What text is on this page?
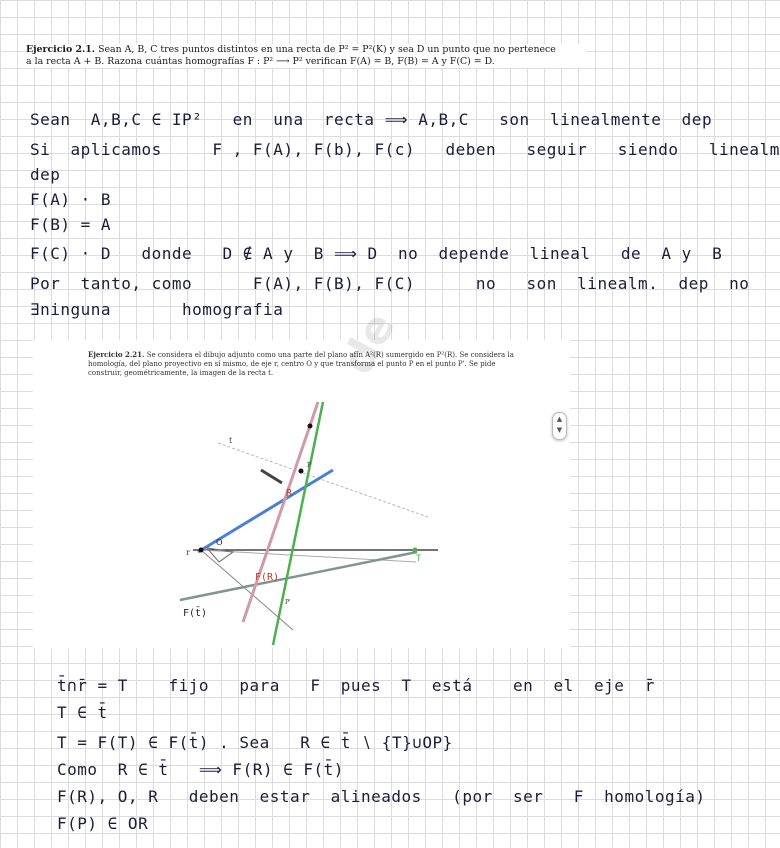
Ejercicio 2.1. Sean A, B, C tres puntos distintos en una recta de P² = P²(K) y sea D un punto que no pertenece
a la recta A + B. Razona cuántas homografías F : P² ⟶ P² verifican F(A) = B, F(B) = A y F(C) = D.
Sean  A,B,C ∈ IP²   en  una  recta ⟹ A,B,C   son  linealmente  dep
Si  aplicamos     F , F(A), F(b), F(c)   deben   seguir   siendo   linealm
dep
F(A) · B
F(B) = A
F(C) · D   donde   D ∉ A y  B ⟹ D  no  depende  lineal   de  A y  B
Por  tanto, como      F(A), F(B), F(C)      no   son  linealm.  dep  no
∃ninguna       homografia
Ejercicio 2.21. Se considera el dibujo adjunto como una parte del plano afín A²(R) sumergido en P²(R). Se considera la homología, del plano proyectivo en sí mismo, de eje r, centro O y que transforma el punto P en el punto P'. Se pide construir, geométricamente, la imagen de la recta t.
t
r
O
R
F(R)
F(t̄)
T
P
P'
de
▲
▼
t̄∩r̄ = T    fijo   para   F  pues  T  está    en  el  eje  r̄
T ∈ t̄
T = F(T) ∈ F(t̄) . Sea   R ∈ t̄ ∖ {T}∪OP}
Como  R ∈ t̄   ⟹ F(R) ∈ F(t̄)
F(R), O, R   deben  estar  alineados   (por  ser   F  homología)
F(P) ∈ OR
